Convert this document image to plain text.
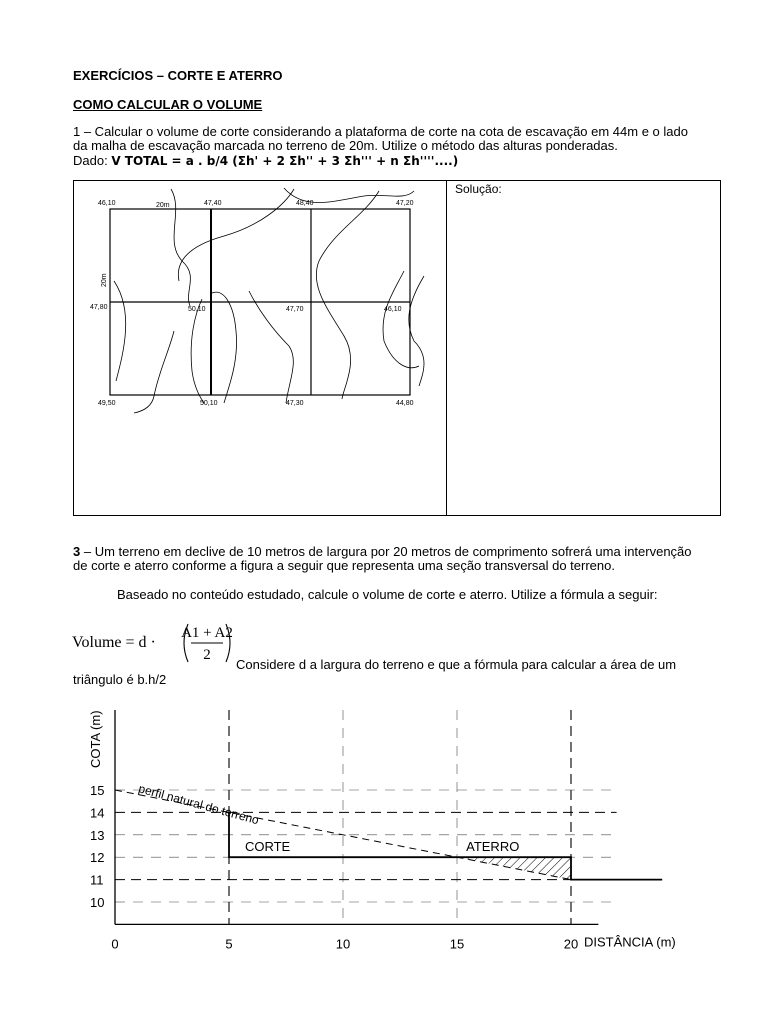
EXERCÍCIOS – CORTE E ATERRO
COMO CALCULAR O VOLUME
1 – Calcular o volume de corte considerando a plataforma de corte na cota de escavação em 44m e o lado
da malha de escavação marcada no terreno de 20m. Utilize o método das alturas ponderadas.
Dado: V TOTAL = a . b/4 (Σh' + 2 Σh'' + 3 Σh''' + n Σh''''....)
Solução:
46,10	20m	47,40	48,40	47,20
20m
47,80	50,10	47,70	46,10
49,50	50,10	47,30	44,80
3 – Um terreno em declive de 10 metros de largura por 20 metros de comprimento sofrerá uma intervenção
de corte e aterro conforme a figura a seguir que representa uma seção transversal do terreno.
Baseado no conteúdo estudado, calcule o volume de corte e aterro. Utilize a fórmula a seguir:
Volume = d ·
A1 + A2
2
Considere d a largura do terreno e que a fórmula para calcular a área de um
triângulo é b.h/2
10
11
12
13
14
15
0	5	10	15	20
perfil natural do terreno
CORTE	ATERRO
COTA (m)
DISTÂNCIA (m)
